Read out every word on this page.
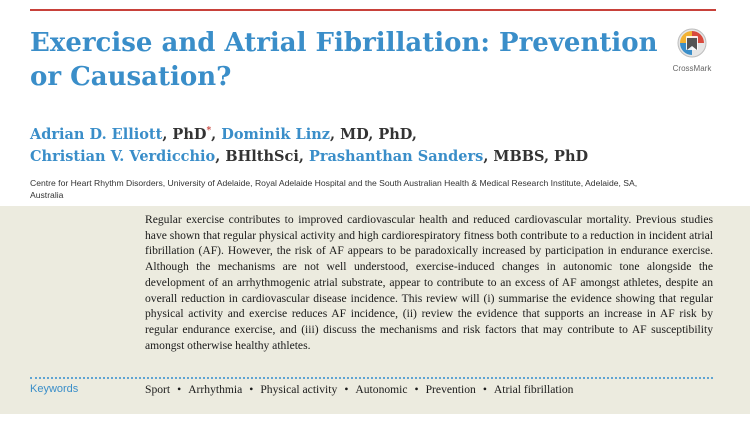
Exercise and Atrial Fibrillation: Prevention or Causation?	CrossMark
Adrian D. Elliott, PhD*, Dominik Linz, MD, PhD,
Christian V. Verdicchio, BHlthSci, Prashanthan Sanders, MBBS, PhD

Centre for Heart Rhythm Disorders, University of Adelaide, Royal Adelaide Hospital and the South Australian Health & Medical Research Institute, Adelaide, SA, Australia

Regular exercise contributes to improved cardiovascular health and reduced cardiovascular mortality. Previous studies have shown that regular physical activity and high cardiorespiratory fitness both contribute to a reduction in incident atrial fibrillation (AF). However, the risk of AF appears to be paradoxically increased by participation in endurance exercise. Although the mechanisms are not well understood, exercise-induced changes in autonomic tone alongside the development of an arrhythmogenic atrial substrate, appear to contribute to an excess of AF amongst athletes, despite an overall reduction in cardiovascular disease incidence. This review will (i) summarise the evidence showing that regular physical activity and exercise reduces AF incidence, (ii) review the evidence that supports an increase in AF risk by regular endurance exercise, and (iii) discuss the mechanisms and risk factors that may contribute to AF susceptibility amongst otherwise healthy athletes.

Keywords	Sport • Arrhythmia • Physical activity • Autonomic • Prevention • Atrial fibrillation
